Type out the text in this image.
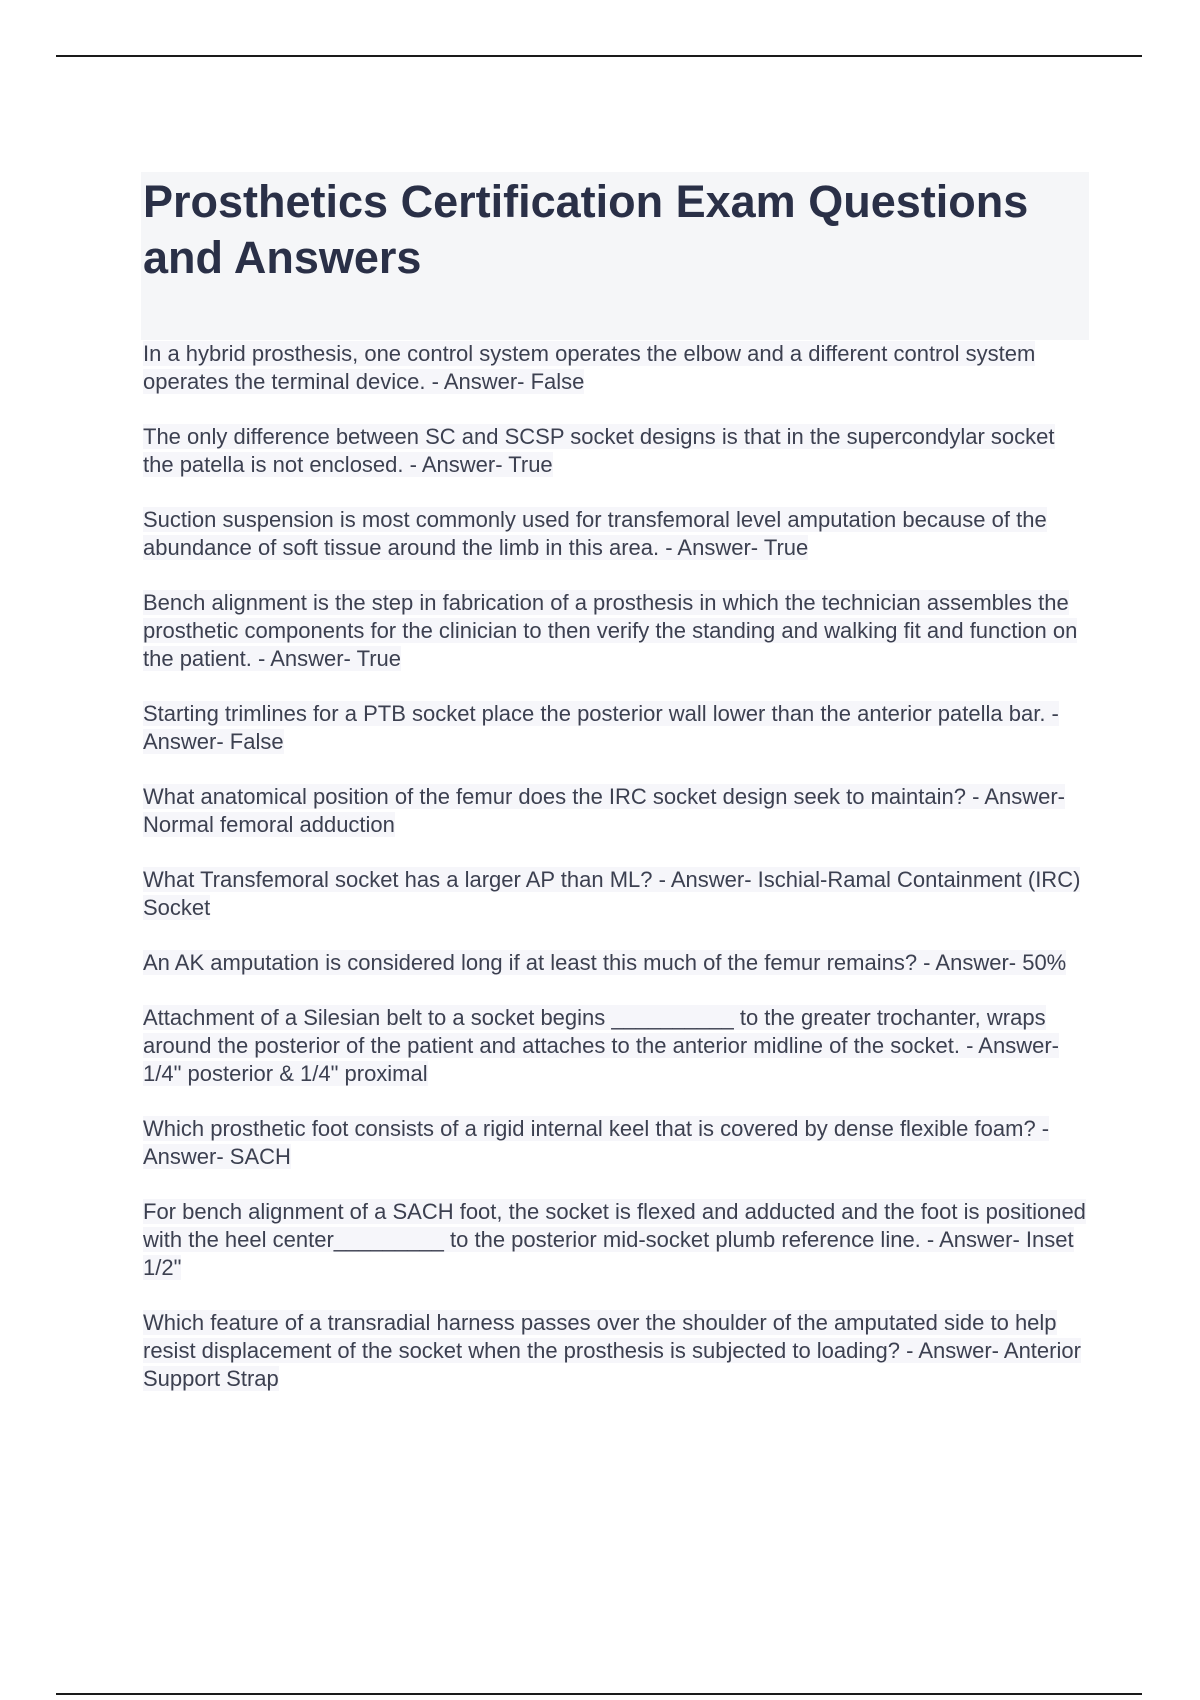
Prosthetics Certification Exam Questions and Answers

In a hybrid prosthesis, one control system operates the elbow and a different control system operates the terminal device. - Answer- False

The only difference between SC and SCSP socket designs is that in the supercondylar socket the patella is not enclosed. - Answer- True

Suction suspension is most commonly used for transfemoral level amputation because of the abundance of soft tissue around the limb in this area. - Answer- True

Bench alignment is the step in fabrication of a prosthesis in which the technician assembles the prosthetic components for the clinician to then verify the standing and walking fit and function on the patient. - Answer- True

Starting trimlines for a PTB socket place the posterior wall lower than the anterior patella bar. - Answer- False

What anatomical position of the femur does the IRC socket design seek to maintain? - Answer- Normal femoral adduction

What Transfemoral socket has a larger AP than ML? - Answer- Ischial-Ramal Containment (IRC) Socket

An AK amputation is considered long if at least this much of the femur remains? - Answer- 50%

Attachment of a Silesian belt to a socket begins __________ to the greater trochanter, wraps around the posterior of the patient and attaches to the anterior midline of the socket. - Answer- 1/4" posterior & 1/4" proximal

Which prosthetic foot consists of a rigid internal keel that is covered by dense flexible foam? - Answer- SACH

For bench alignment of a SACH foot, the socket is flexed and adducted and the foot is positioned with the heel center_________ to the posterior mid-socket plumb reference line. - Answer- Inset 1/2"

Which feature of a transradial harness passes over the shoulder of the amputated side to help resist displacement of the socket when the prosthesis is subjected to loading? - Answer- Anterior Support Strap
